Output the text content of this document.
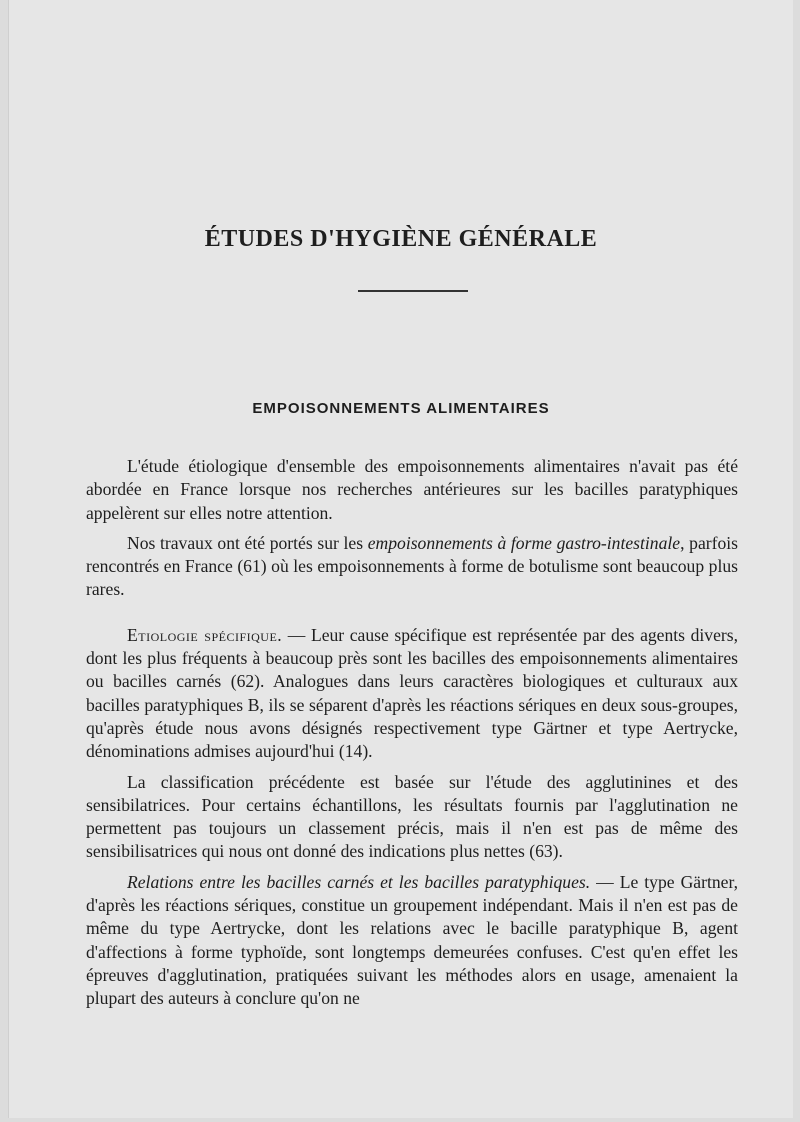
ÉTUDES D'HYGIÈNE GÉNÉRALE
EMPOISONNEMENTS ALIMENTAIRES

L'étude étiologique d'ensemble des empoisonnements alimentaires n'avait pas été abordée en France lorsque nos recherches antérieures sur les bacilles paratyphiques appelèrent sur elles notre attention.

Nos travaux ont été portés sur les empoisonnements à forme gastro-intestinale, parfois rencontrés en France (61) où les empoisonnements à forme de botulisme sont beaucoup plus rares.

Etiologie spécifique. — Leur cause spécifique est représentée par des agents divers, dont les plus fréquents à beaucoup près sont les bacilles des empoisonnements alimentaires ou bacilles carnés (62). Analogues dans leurs caractères biologiques et culturaux aux bacilles paratyphiques B, ils se séparent d'après les réactions sériques en deux sous-groupes, qu'après étude nous avons désignés respectivement type Gärtner et type Aertrycke, dénominations admises aujourd'hui (14).

La classification précédente est basée sur l'étude des agglutinines et des sensibilatrices. Pour certains échantillons, les résultats fournis par l'agglutination ne permettent pas toujours un classement précis, mais il n'en est pas de même des sensibilisatrices qui nous ont donné des indications plus nettes (63).

Relations entre les bacilles carnés et les bacilles paratyphiques. — Le type Gärtner, d'après les réactions sériques, constitue un groupement indépendant. Mais il n'en est pas de même du type Aertrycke, dont les relations avec le bacille paratyphique B, agent d'affections à forme typhoïde, sont longtemps demeurées confuses. C'est qu'en effet les épreuves d'agglutination, pratiquées suivant les méthodes alors en usage, amenaient la plupart des auteurs à conclure qu'on ne
